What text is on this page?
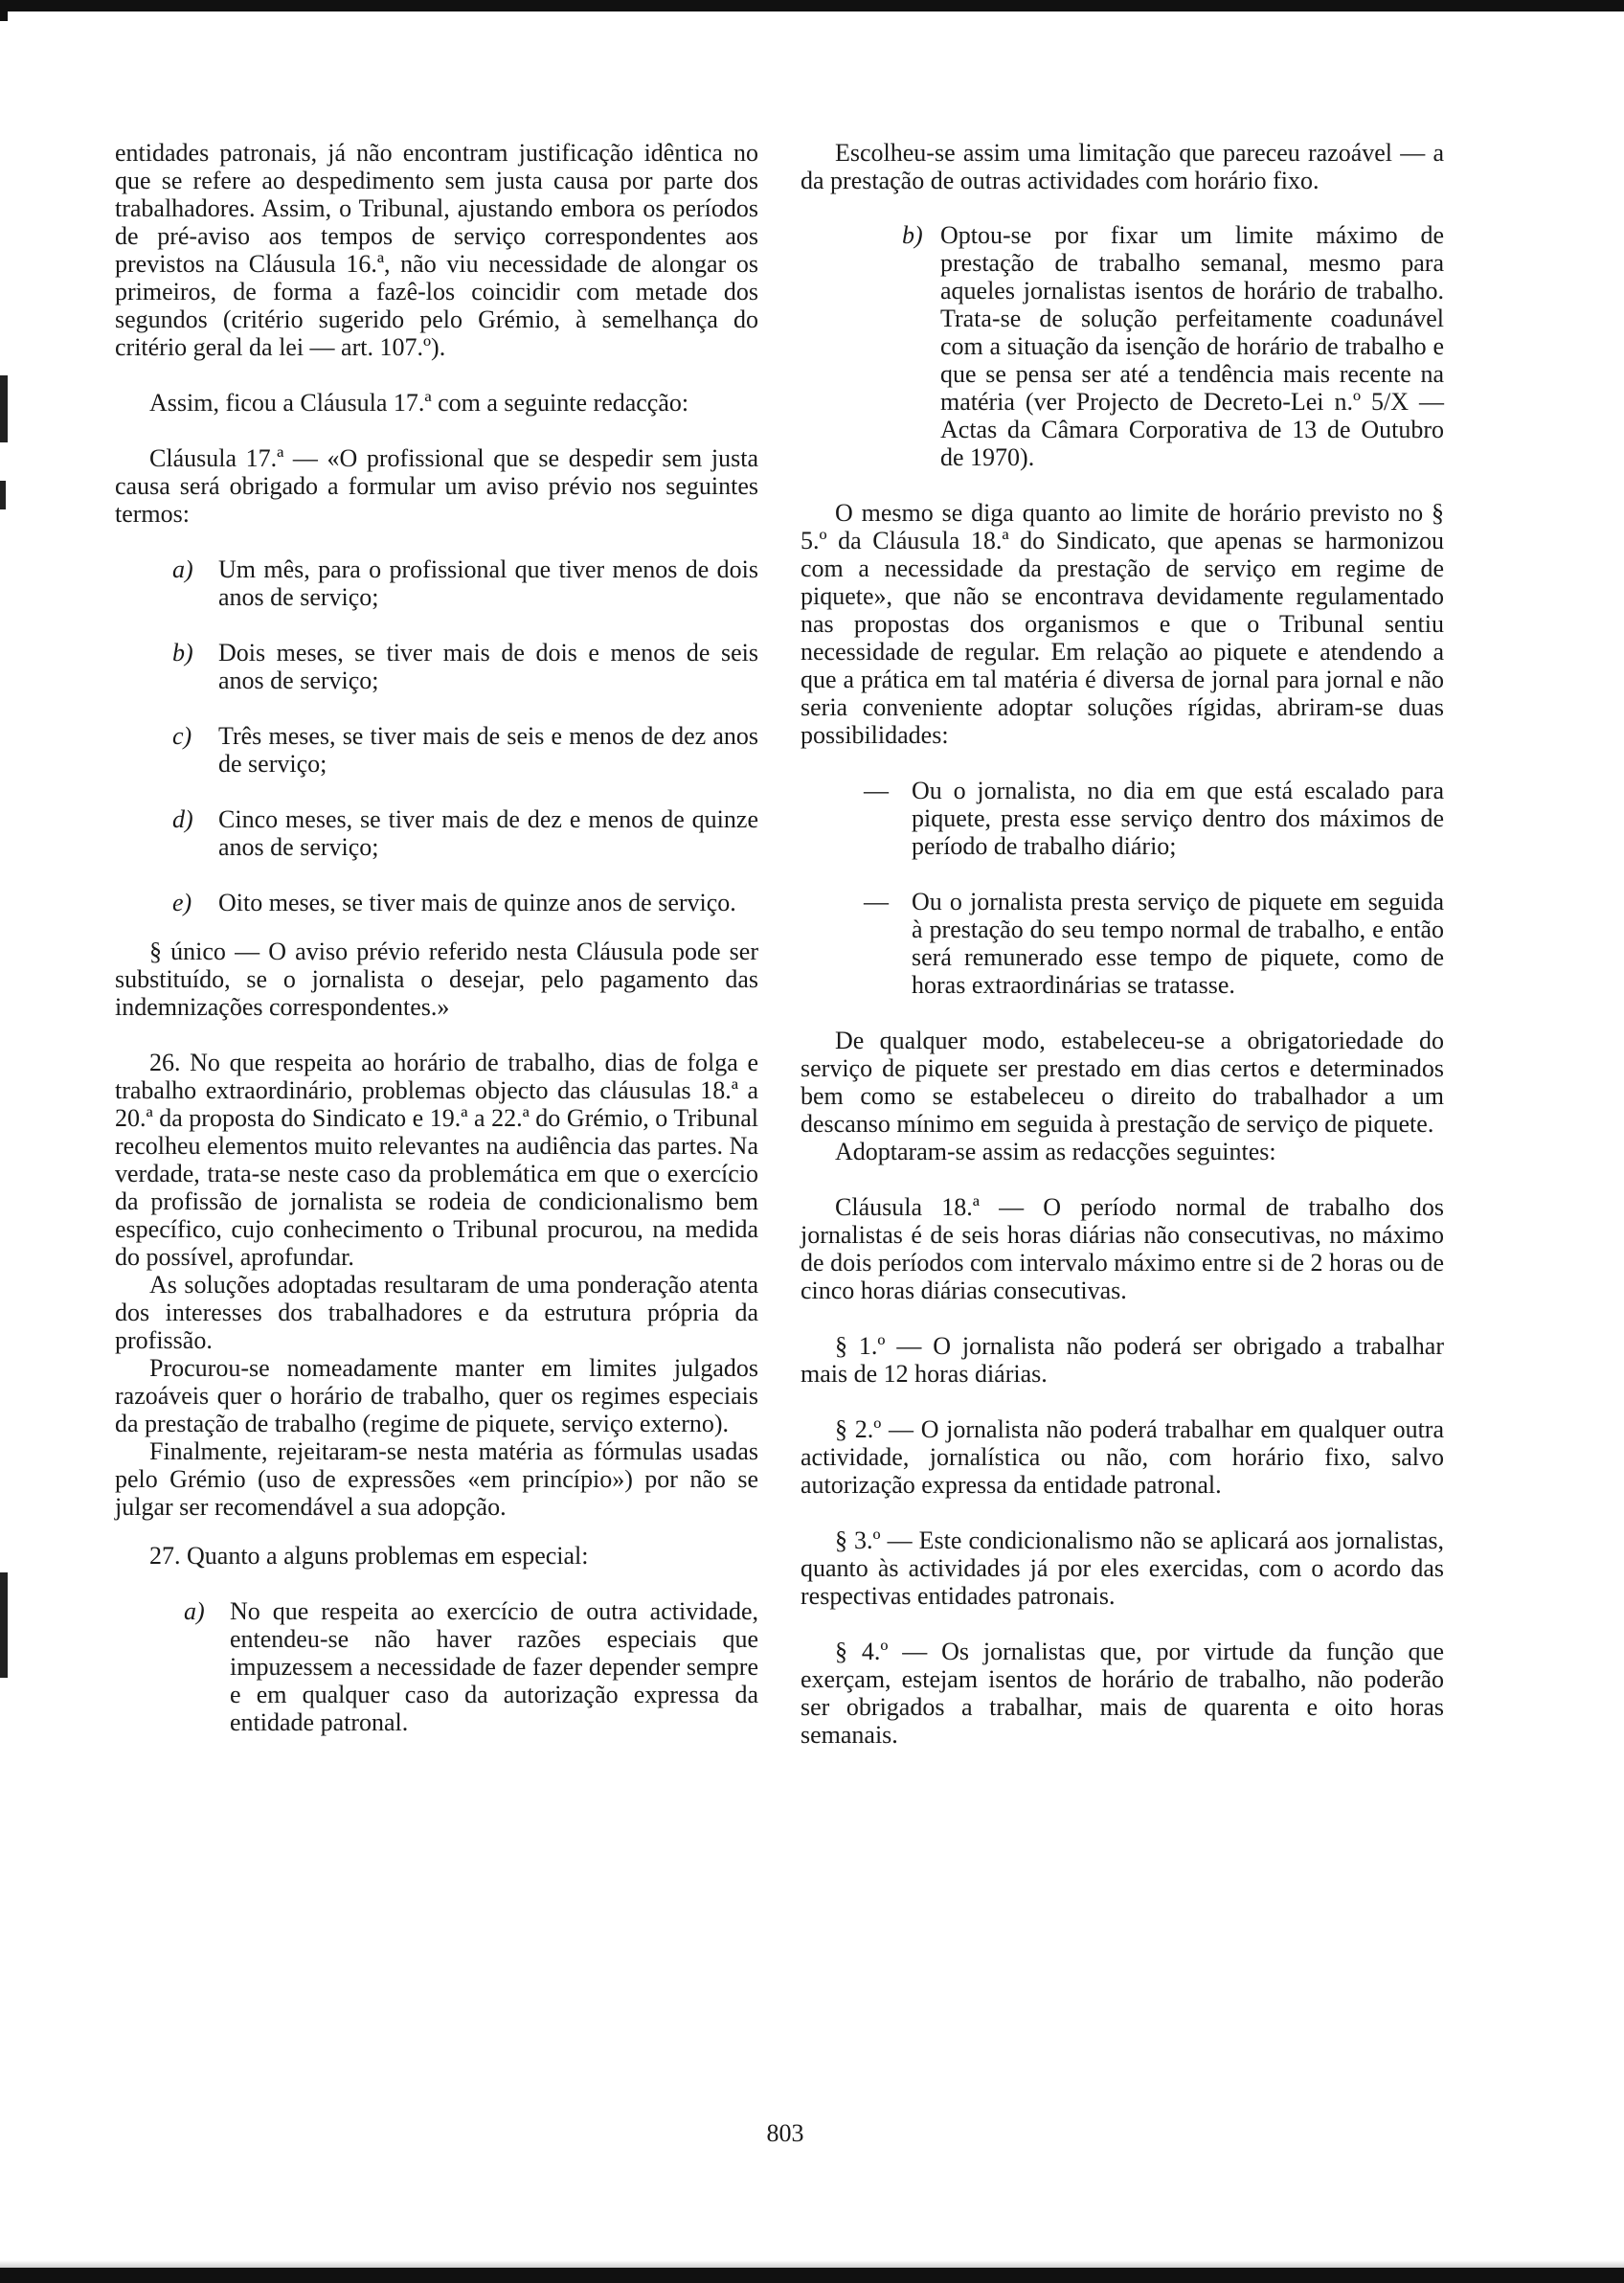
entidades patronais, já não encontram justificação idêntica no que se refere ao despedimento sem justa causa por parte dos trabalhadores. Assim, o Tribunal, ajustando embora os períodos de pré-aviso aos tempos de serviço correspondentes aos previstos na Cláusula 16.ª, não viu necessidade de alongar os primeiros, de forma a fazê-los coincidir com metade dos segundos (critério sugerido pelo Grémio, à semelhança do critério geral da lei — art. 107.º).

Assim, ficou a Cláusula 17.ª com a seguinte redacção:

Cláusula 17.ª — «O profissional que se despedir sem justa causa será obrigado a formular um aviso prévio nos seguintes termos:

a)	Um mês, para o profissional que tiver menos de dois anos de serviço;
b)	Dois meses, se tiver mais de dois e menos de seis anos de serviço;
c)	Três meses, se tiver mais de seis e menos de dez anos de serviço;
d)	Cinco meses, se tiver mais de dez e menos de quinze anos de serviço;
e)	Oito meses, se tiver mais de quinze anos de serviço.

§ único — O aviso prévio referido nesta Cláusula pode ser substituído, se o jornalista o desejar, pelo pagamento das indemnizações correspondentes.»

26. No que respeita ao horário de trabalho, dias de folga e trabalho extraordinário, problemas objecto das cláusulas 18.ª a 20.ª da proposta do Sindicato e 19.ª a 22.ª do Grémio, o Tribunal recolheu elementos muito relevantes na audiência das partes. Na verdade, trata-se neste caso da problemática em que o exercício da profissão de jornalista se rodeia de condicionalismo bem específico, cujo conhecimento o Tribunal procurou, na medida do possível, aprofundar.

As soluções adoptadas resultaram de uma ponderação atenta dos interesses dos trabalhadores e da estrutura própria da profissão.

Procurou-se nomeadamente manter em limites julgados razoáveis quer o horário de trabalho, quer os regimes especiais da prestação de trabalho (regime de piquete, serviço externo).

Finalmente, rejeitaram-se nesta matéria as fórmulas usadas pelo Grémio (uso de expressões «em princípio») por não se julgar ser recomendável a sua adopção.

27. Quanto a alguns problemas em especial:

a)	No que respeita ao exercício de outra actividade, entendeu-se não haver razões especiais que impuzessem a necessidade de fazer depender sempre e em qualquer caso da autorização expressa da entidade patronal.

Escolheu-se assim uma limitação que pareceu razoável — a da prestação de outras actividades com horário fixo.

b) Optou-se por fixar um limite máximo de prestação de trabalho semanal, mesmo para aqueles jornalistas isentos de horário de trabalho. Trata-se de solução perfeitamente coadunável com a situação da isenção de horário de trabalho e que se pensa ser até a tendência mais recente na matéria (ver Projecto de Decreto-Lei n.º 5/X — Actas da Câmara Corporativa de 13 de Outubro de 1970).

O mesmo se diga quanto ao limite de horário previsto no § 5.º da Cláusula 18.ª do Sindicato, que apenas se harmonizou com a necessidade da prestação de serviço em regime de piquete», que não se encontrava devidamente regulamentado nas propostas dos organismos e que o Tribunal sentiu necessidade de regular. Em relação ao piquete e atendendo a que a prática em tal matéria é diversa de jornal para jornal e não seria conveniente adoptar soluções rígidas, abriram-se duas possibilidades:

— Ou o jornalista, no dia em que está escalado para piquete, presta esse serviço dentro dos máximos de período de trabalho diário;
— Ou o jornalista presta serviço de piquete em seguida à prestação do seu tempo normal de trabalho, e então será remunerado esse tempo de piquete, como de horas extraordinárias se tratasse.

De qualquer modo, estabeleceu-se a obrigatoriedade do serviço de piquete ser prestado em dias certos e determinados bem como se estabeleceu o direito do trabalhador a um descanso mínimo em seguida à prestação de serviço de piquete.

Adoptaram-se assim as redacções seguintes:

Cláusula 18.ª — O período normal de trabalho dos jornalistas é de seis horas diárias não consecutivas, no máximo de dois períodos com intervalo máximo entre si de 2 horas ou de cinco horas diárias consecutivas.

§ 1.º — O jornalista não poderá ser obrigado a trabalhar mais de 12 horas diárias.

§ 2.º — O jornalista não poderá trabalhar em qualquer outra actividade, jornalística ou não, com horário fixo, salvo autorização expressa da entidade patronal.

§ 3.º — Este condicionalismo não se aplicará aos jornalistas, quanto às actividades já por eles exercidas, com o acordo das respectivas entidades patronais.

§ 4.º — Os jornalistas que, por virtude da função que exerçam, estejam isentos de horário de trabalho, não poderão ser obrigados a trabalhar, mais de quarenta e oito horas semanais.

803
